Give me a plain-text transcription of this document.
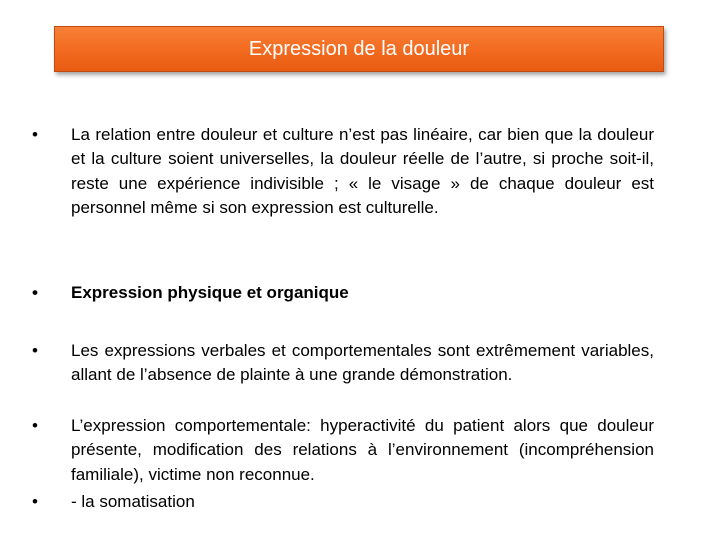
Expression de la douleur
•	La relation entre douleur et culture n’est pas linéaire, car bien que la douleur et la culture soient universelles, la douleur réelle de l’autre, si proche soit-il, reste une expérience indivisible ; « le visage » de chaque douleur est personnel même si son expression est culturelle.
•	Expression physique et organique
•	Les expressions verbales et comportementales sont extrêmement variables, allant de l’absence de plainte à une grande démonstration.
•	L’expression comportementale: hyperactivité du patient alors que douleur présente, modification des relations à l’environnement (incompréhension familiale), victime non reconnue.
•	- la somatisation
